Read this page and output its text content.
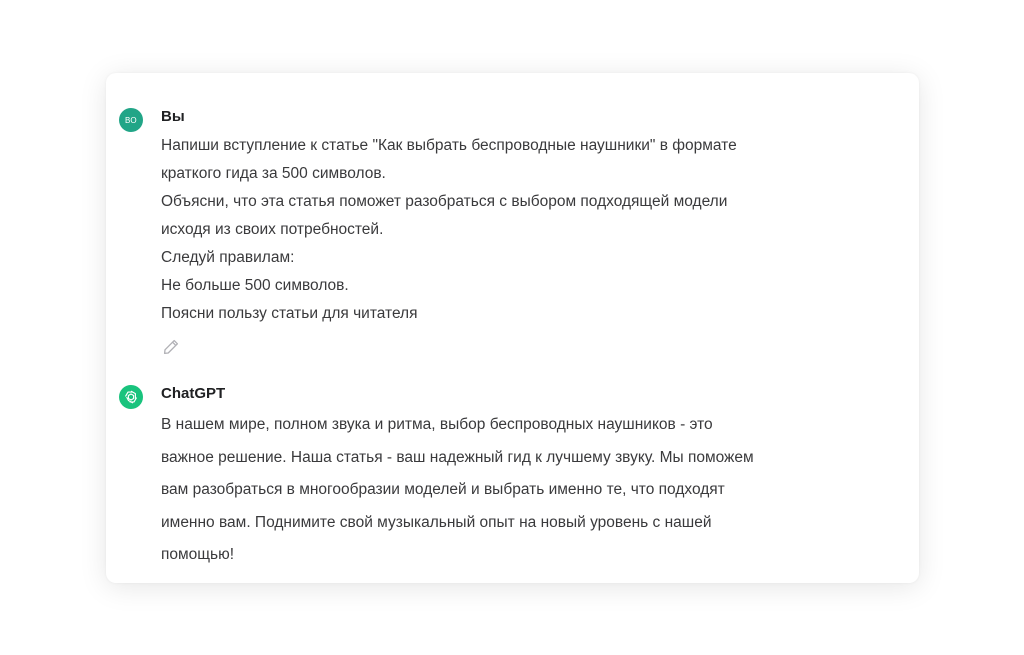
ВО Вы
Напиши вступление к статье "Как выбрать беспроводные наушники" в формате
краткого гида за 500 символов.
Объясни, что эта статья поможет разобраться с выбором подходящей модели
исходя из своих потребностей.
Следуй правилам:
Не больше 500 символов.
Поясни пользу статьи для читателя
ChatGPT
В нашем мире, полном звука и ритма, выбор беспроводных наушников - это
важное решение. Наша статья - ваш надежный гид к лучшему звуку. Мы поможем
вам разобраться в многообразии моделей и выбрать именно те, что подходят
именно вам. Поднимите свой музыкальный опыт на новый уровень с нашей
помощью!
